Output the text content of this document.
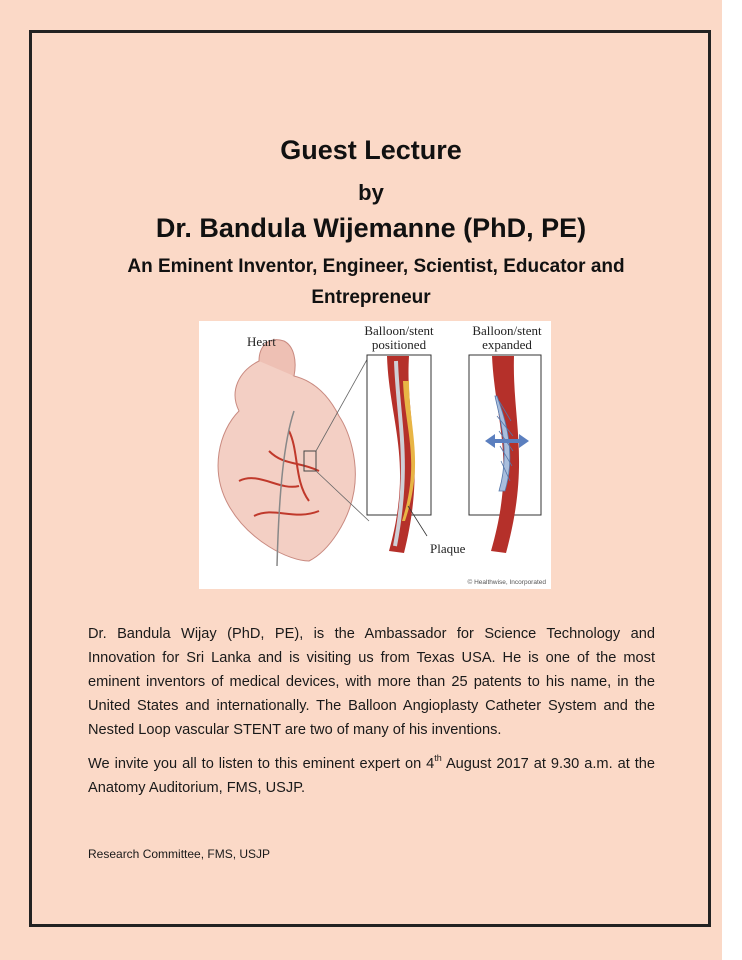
Guest Lecture
by
Dr. Bandula Wijemanne (PhD, PE)
An Eminent Inventor, Engineer, Scientist, Educator and
Entrepreneur
Heart
Balloon/stent
positioned
Balloon/stent
expanded
Plaque
© Healthwise, Incorporated

Dr. Bandula Wijay (PhD, PE), is the Ambassador for Science Technology and Innovation for Sri Lanka and is visiting us from Texas USA. He is one of the most eminent inventors of medical devices, with more than 25 patents to his name, in the United States and internationally. The Balloon Angioplasty Catheter System and the Nested Loop vascular STENT are two of many of his inventions.

We invite you all to listen to this eminent expert on 4th August 2017 at 9.30 a.m. at the Anatomy Auditorium, FMS, USJP.

Research Committee, FMS, USJP
